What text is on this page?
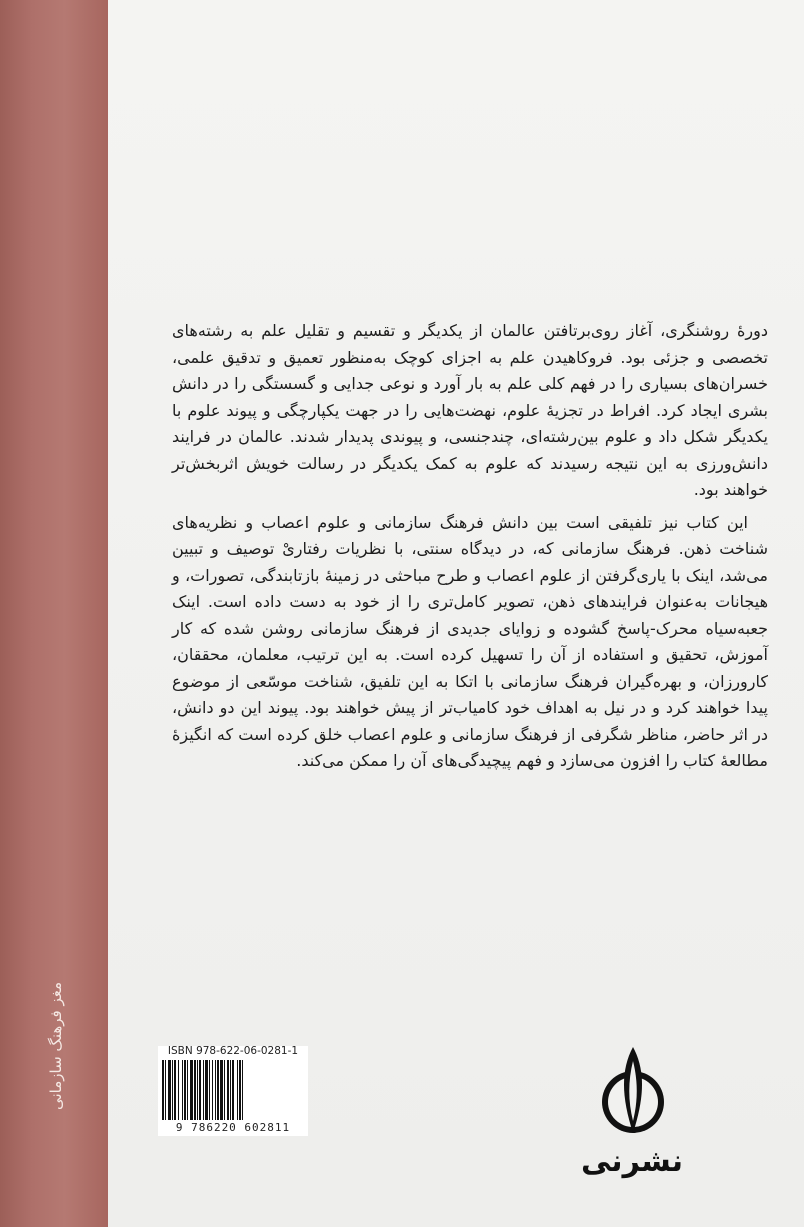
مغز فرهنگ سازمانی

دورهٔ روشنگری، آغاز روی‌برتافتن عالمان از یکدیگر و تقسیم و تقلیل علم به رشته‌های تخصصی و جزئی بود. فروکاهیدن علم به اجزای کوچک به‌منظور تعمیق و تدقیق علمی، خسران‌های بسیاری را در فهم کلی علم به بار آورد و نوعی جدایی و گسستگی را در دانش بشری ایجاد کرد. افراط در تجزیهٔ علوم، نهضت‌هایی را در جهت یکپارچگی و پیوند علوم با یکدیگر شکل داد و علوم بین‌رشته‌ای، چندجنسی، و پیوندی پدیدار شدند. عالمان در فرایند دانش‌ورزی به این نتیجه رسیدند که علوم به کمک یکدیگر در رسالت خویش اثربخش‌تر خواهند بود.

این کتاب نیز تلفیقی است بین دانش فرهنگ سازمانی و علوم اعصاب و نظریه‌های شناخت ذهن. فرهنگ سازمانی که، در دیدگاه سنتی، با نظریات رفتاریْ توصیف و تبیین می‌شد، اینک با یاری‌گرفتن از علوم اعصاب و طرح مباحثی در زمینهٔ بازتابندگی، تصورات، و هیجانات به‌عنوان فرایندهای ذهن، تصویر کامل‌تری را از خود به دست داده است. اینک جعبه‌سیاه محرک-پاسخ گشوده و زوایای جدیدی از فرهنگ سازمانی روشن شده که کار آموزش، تحقیق و استفاده از آن را تسهیل کرده است. به این ترتیب، معلمان، محققان، کارورزان، و بهره‌گیران فرهنگ سازمانی با اتکا به این تلفیق، شناخت موسّعی از موضوع پیدا خواهند کرد و در نیل به اهداف خود کامیاب‌تر از پیش خواهند بود. پیوند این دو دانش، در اثر حاضر، مناظر شگرفی از فرهنگ سازمانی و علوم اعصاب خلق کرده است که انگیزهٔ مطالعهٔ کتاب را افزون می‌سازد و فهم پیچیدگی‌های آن را ممکن می‌کند.

ISBN 978-622-06-0281-1
9 786220 602811
نشرنی
